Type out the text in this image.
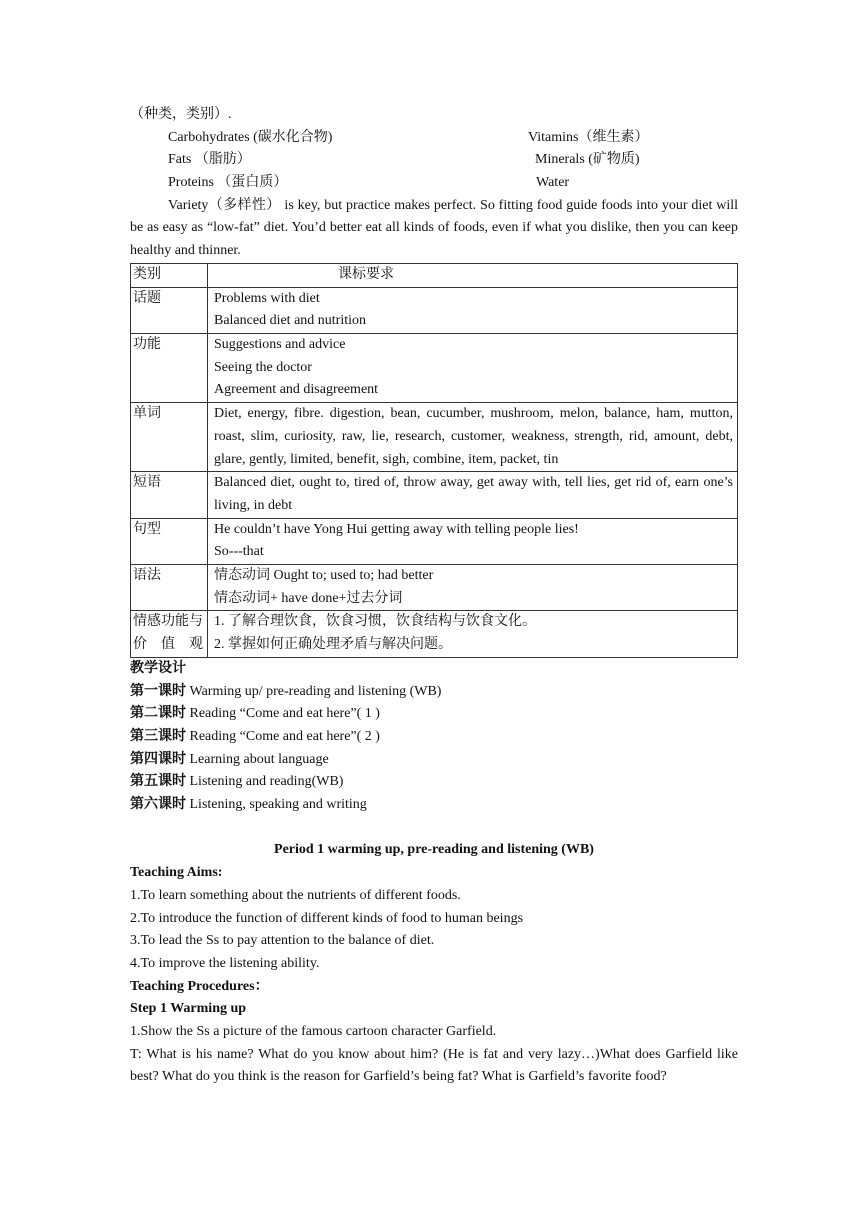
（种类，类别）.
Carbohydrates (碳水化合物)	Vitamins（维生素）
Fats （脂肪）	Minerals (矿物质)
Proteins （蛋白质）	Water
Variety（多样性） is key, but practice makes perfect. So fitting food guide foods into your diet will be as easy as “low-fat” diet. You’d better eat all kinds of foods, even if what you dislike, then you can keep healthy and thinner.
类别	课标要求
话题	Problems with diet
Balanced diet and nutrition

功能	Suggestions and advice
Seeing the doctor
Agreement and disagreement

单词	Diet, energy, fibre. digestion, bean, cucumber, mushroom, melon, balance, ham, mutton, roast, slim, curiosity, raw, lie, research, customer, weakness, strength, rid, amount, debt, glare, gently, limited, benefit, sigh, combine, item, packet, tin
短语	Balanced diet, ought to, tired of, throw away, get away with, tell lies, get rid of, earn one’s living, in debt
句型	He couldn’t have Yong Hui getting away with telling people lies!
So---that

语法	情态动词 Ought to; used to; had better
情态动词+ have done+过去分词

情感功能与价值观	1. 了解合理饮食，饮食习惯，饮食结构与饮食文化。
2. 掌握如何正确处理矛盾与解决问题。
教学设计
第一课时 Warming up/ pre-reading and listening (WB)
第二课时 Reading “Come and eat here”( 1 )
第三课时 Reading “Come and eat here”( 2 )
第四课时 Learning about language
第五课时 Listening and reading(WB)
第六课时 Listening, speaking and writing
Period 1 warming up, pre-reading and listening (WB)
Teaching Aims:
1.To learn something about the nutrients of different foods.
2.To introduce the function of different kinds of food to human beings
3.To lead the Ss to pay attention to the balance of diet.
4.To improve the listening ability.
Teaching Procedures：
Step 1 Warming up
1.Show the Ss a picture of the famous cartoon character Garfield.
T: What is his name? What do you know about him? (He is fat and very lazy…)What does Garfield like best? What do you think is the reason for Garfield’s being fat? What is Garfield’s favorite food?
